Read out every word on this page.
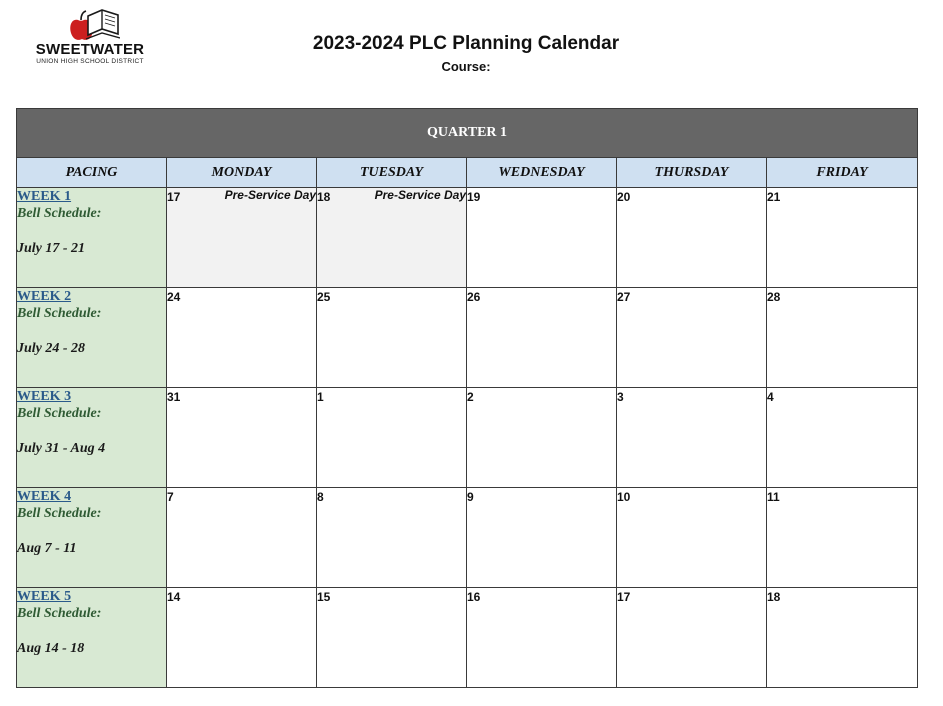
SWEETWATER
UNION HIGH SCHOOL DISTRICT
2023-2024 PLC Planning Calendar
Course:
QUARTER 1					
PACING	MONDAY	TUESDAY	WEDNESDAY	THURSDAY	FRIDAY

WEEK 1
Bell Schedule:
July 17 - 21	17 Pre-Service Day	18 Pre-Service Day	19	20	21

WEEK 2
Bell Schedule:
July 24 - 28	24	25	26	27	28

WEEK 3
Bell Schedule:
July 31 - Aug 4	31	1	2	3	4

WEEK 4
Bell Schedule:
Aug 7 - 11	7	8	9	10	11

WEEK 5
Bell Schedule:
Aug 14 - 18	14	15	16	17	18
